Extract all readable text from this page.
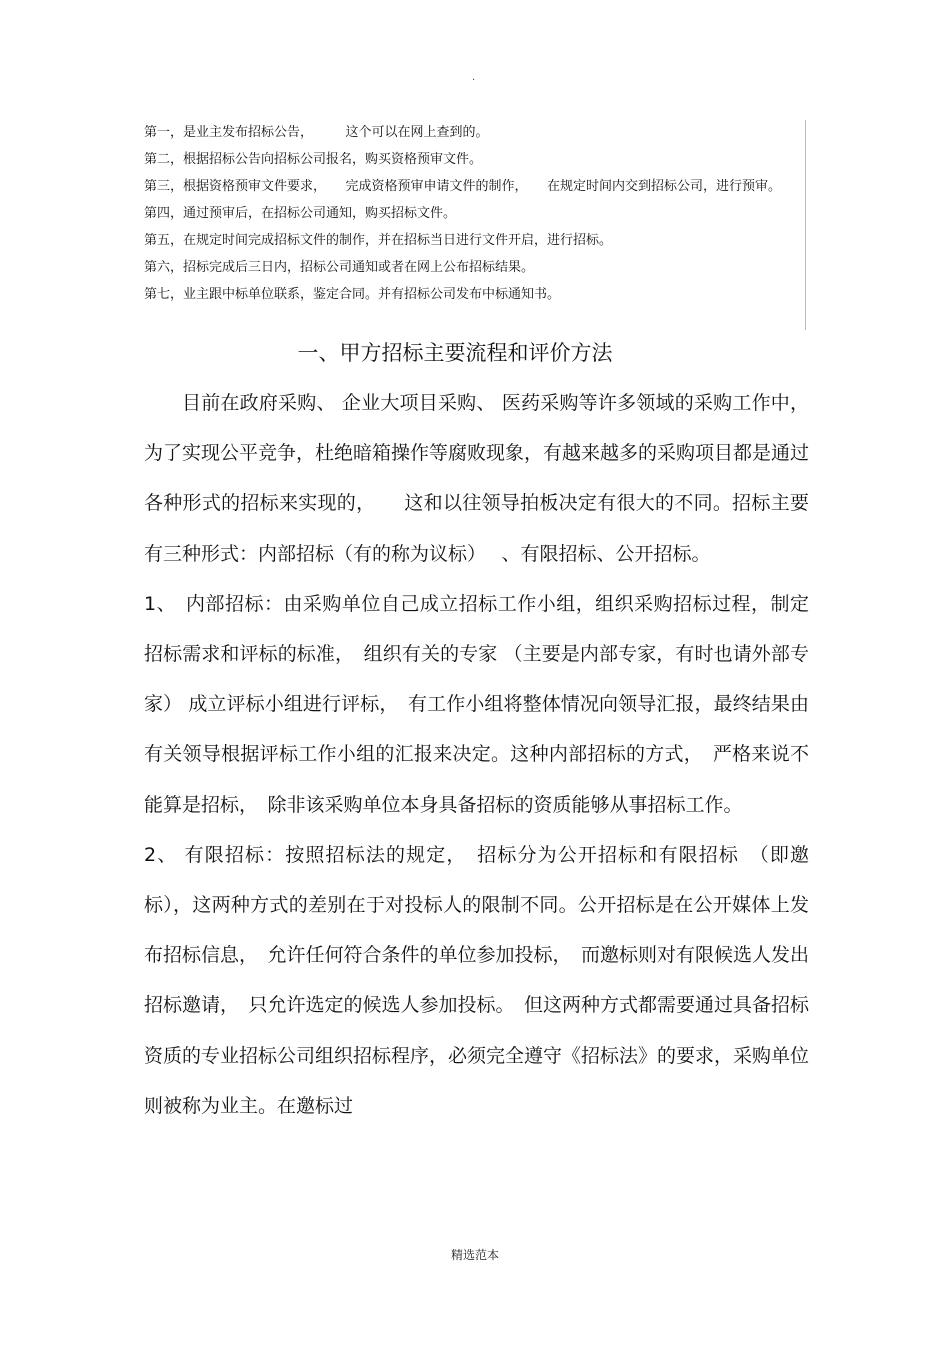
.

第一，是业主发布招标公告，　　　这个可以在网上查到的。

第二，根据招标公告向招标公司报名，购买资格预审文件。

第三，根据资格预审文件要求，　　完成资格预审申请文件的制作，　　在规定时间内交到招标公司，进行预审。

第四，通过预审后，在招标公司通知，购买招标文件。

第五，在规定时间完成招标文件的制作，并在招标当日进行文件开启，进行招标。

第六，招标完成后三日内，招标公司通知或者在网上公布招标结果。

第七，业主跟中标单位联系，鉴定合同。并有招标公司发布中标通知书。

一、甲方招标主要流程和评价方法

目前在政府采购、 企业大项目采购、 医药采购等许多领域的采购工作中，为了实现公平竞争，杜绝暗箱操作等腐败现象，有越来越多的采购项目都是通过各种形式的招标来实现的，　　这和以往领导拍板决定有很大的不同。招标主要有三种形式：内部招标（有的称为议标）　 、有限招标、公开招标。

1、　内部招标：由采购单位自己成立招标工作小组，组织采购招标过程，制定招标需求和评标的标准，　组织有关的专家 （主要是内部专家，有时也请外部专家） 成立评标小组进行评标，　有工作小组将整体情况向领导汇报，最终结果由有关领导根据评标工作小组的汇报来决定。这种内部招标的方式，　严格来说不能算是招标，　除非该采购单位本身具备招标的资质能够从事招标工作。

2、 有限招标：按照招标法的规定，　招标分为公开招标和有限招标　（即邀标），这两种方式的差别在于对投标人的限制不同。公开招标是在公开媒体上发布招标信息，　允许任何符合条件的单位参加投标，　而邀标则对有限候选人发出招标邀请，　只允许选定的候选人参加投标。　但这两种方式都需要通过具备招标资质的专业招标公司组织招标程序，必须完全遵守《招标法》的要求，采购单位则被称为业主。在邀标过

精选范本
